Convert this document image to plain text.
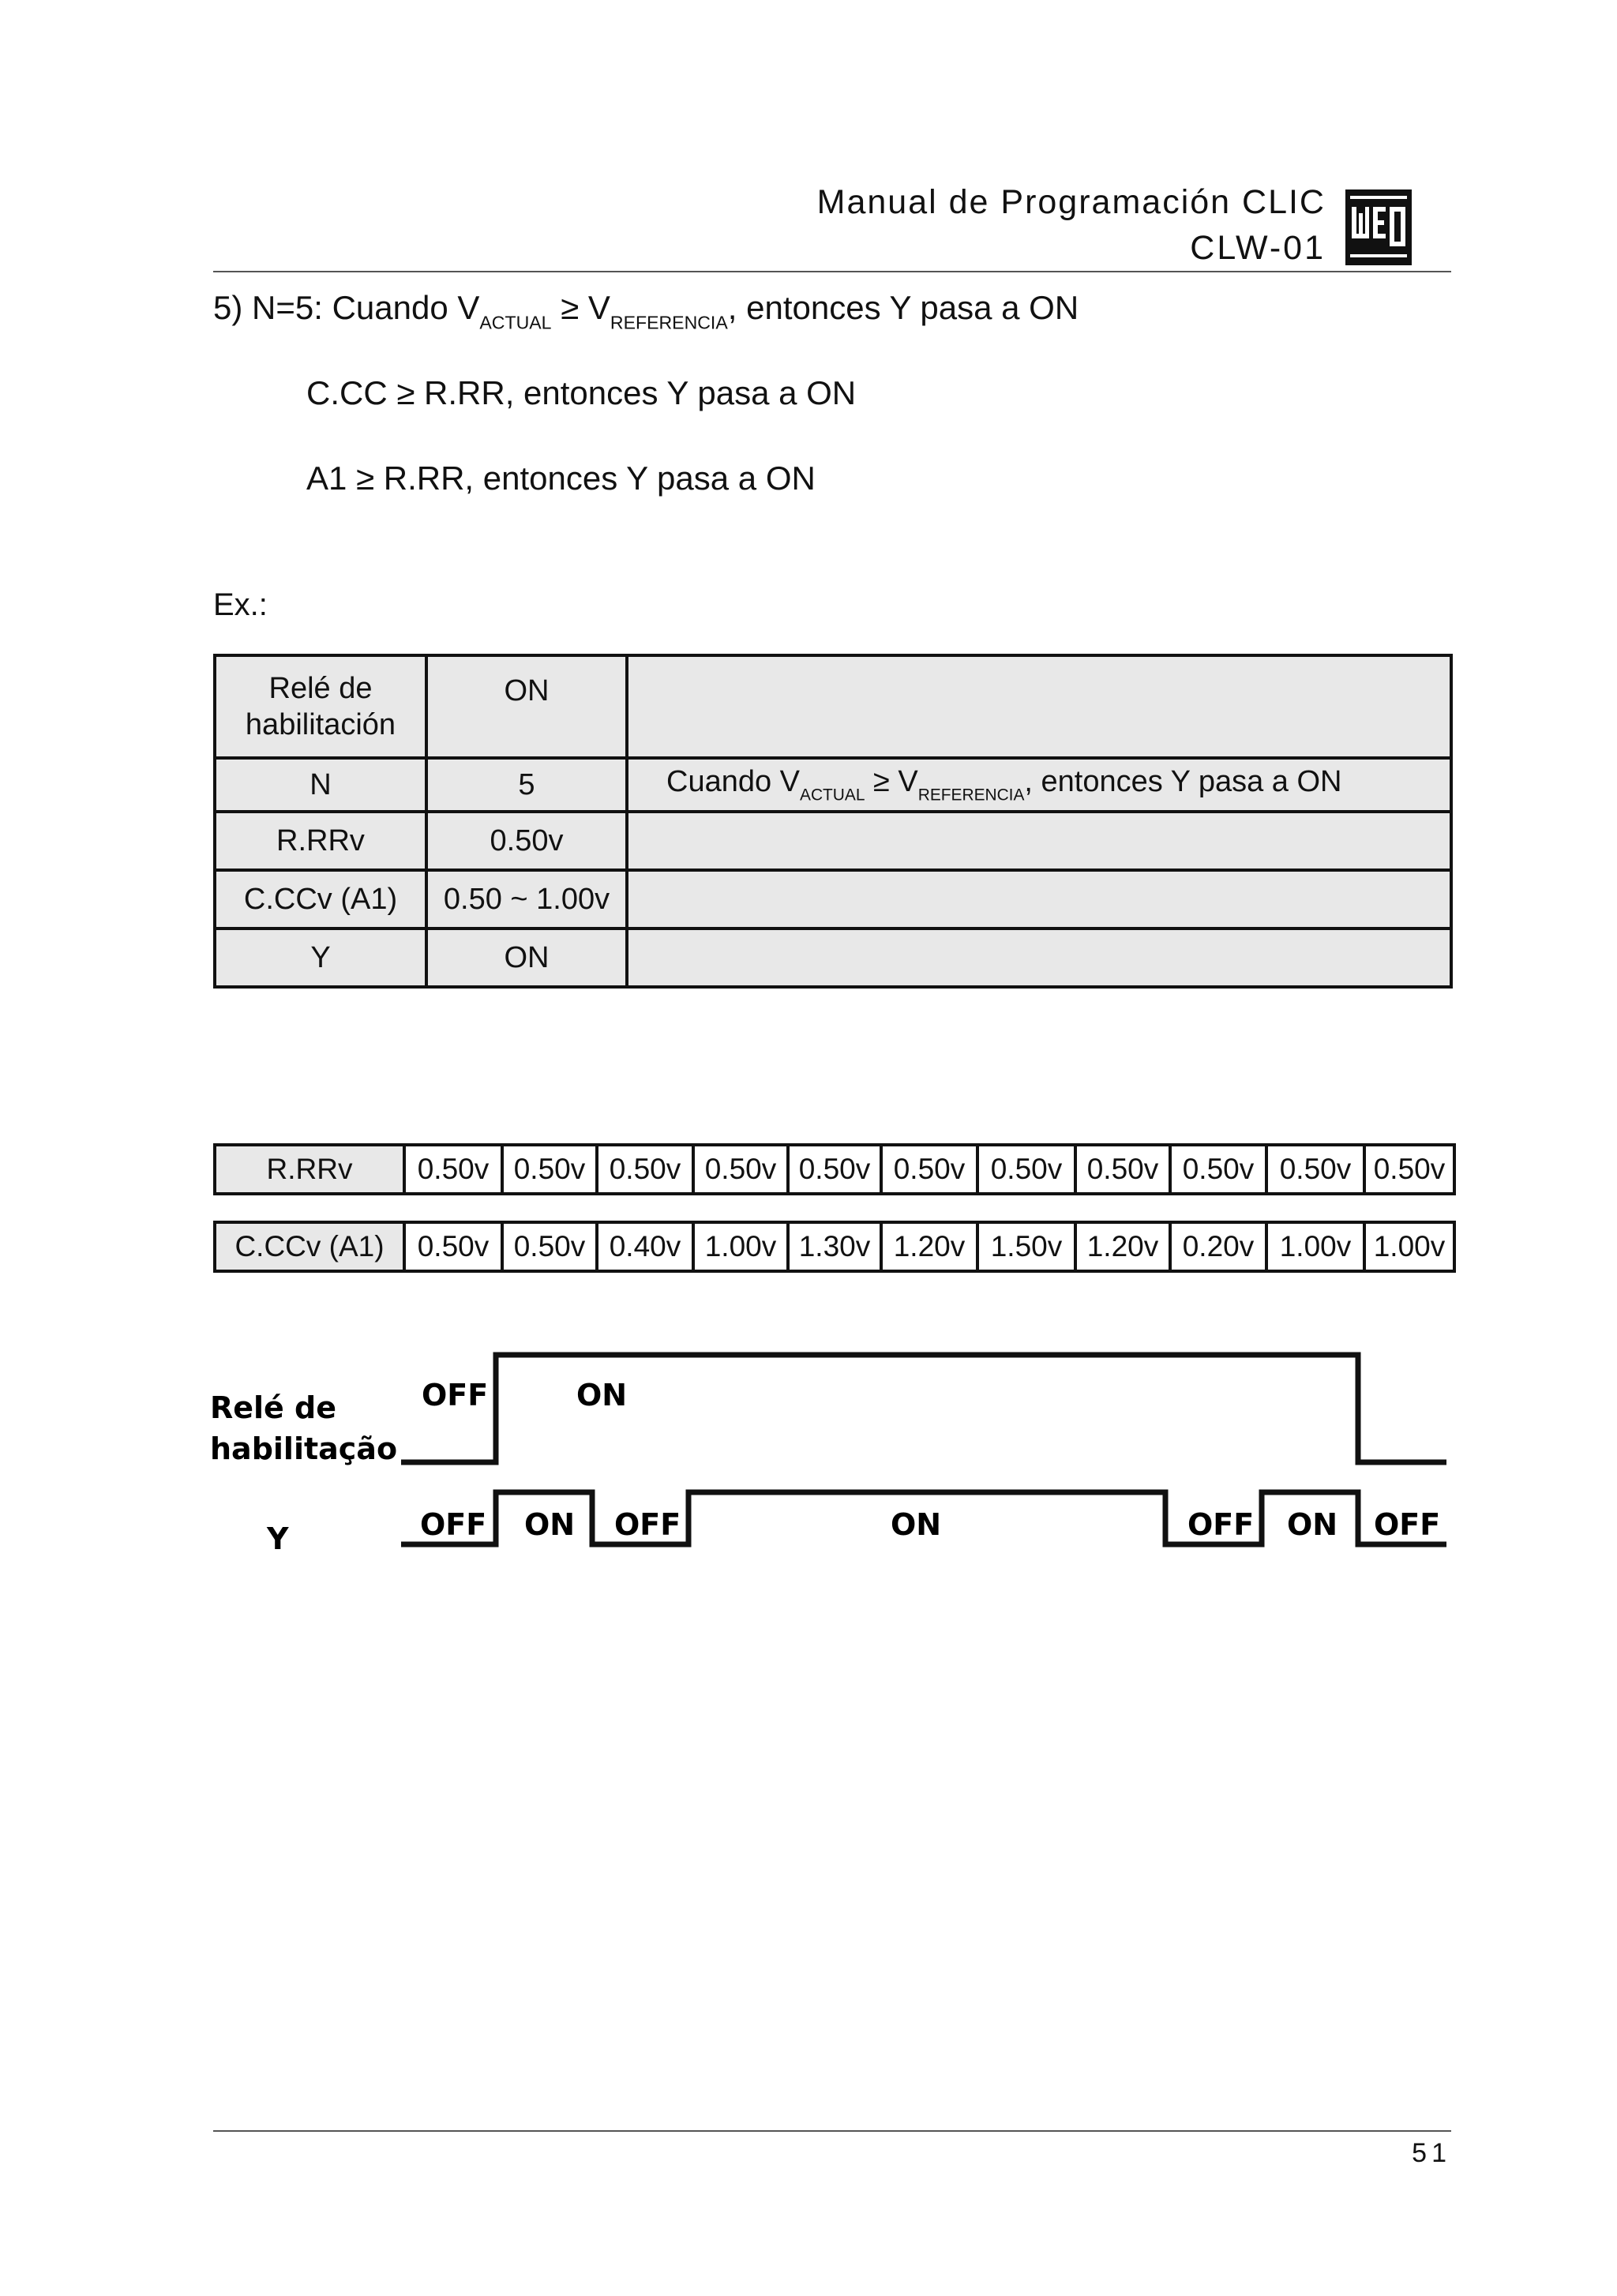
Manual de Programación CLIC
CLW-01
5) N=5: Cuando $V_{ACTUAL} \ge V_{REFERENCIA}$, entonces Y pasa a ON
C.CC ≥ R.RR, entonces Y pasa a ON
A1 ≥ R.RR, entonces Y pasa a ON
Ex.:
Relé de habilitación	ON	
N	5	Cuando $V_{ACTUAL} \ge V_{REFERENCIA}$, entonces Y pasa a ON
R.RRv	0.50v	
C.CCv (A1)	0.50 ~ 1.00v	
Y	ON	
R.RRv	0.50v	0.50v	0.50v	0.50v	0.50v	0.50v	0.50v	0.50v	0.50v	0.50v	0.50v
C.CCv (A1)	0.50v	0.50v	0.40v	1.00v	1.30v	1.20v	1.50v	1.20v	0.20v	1.00v	1.00v
Relé de
habilitação
Y
OFF	ON
OFF ON OFF	ON	OFF ON OFF
51
